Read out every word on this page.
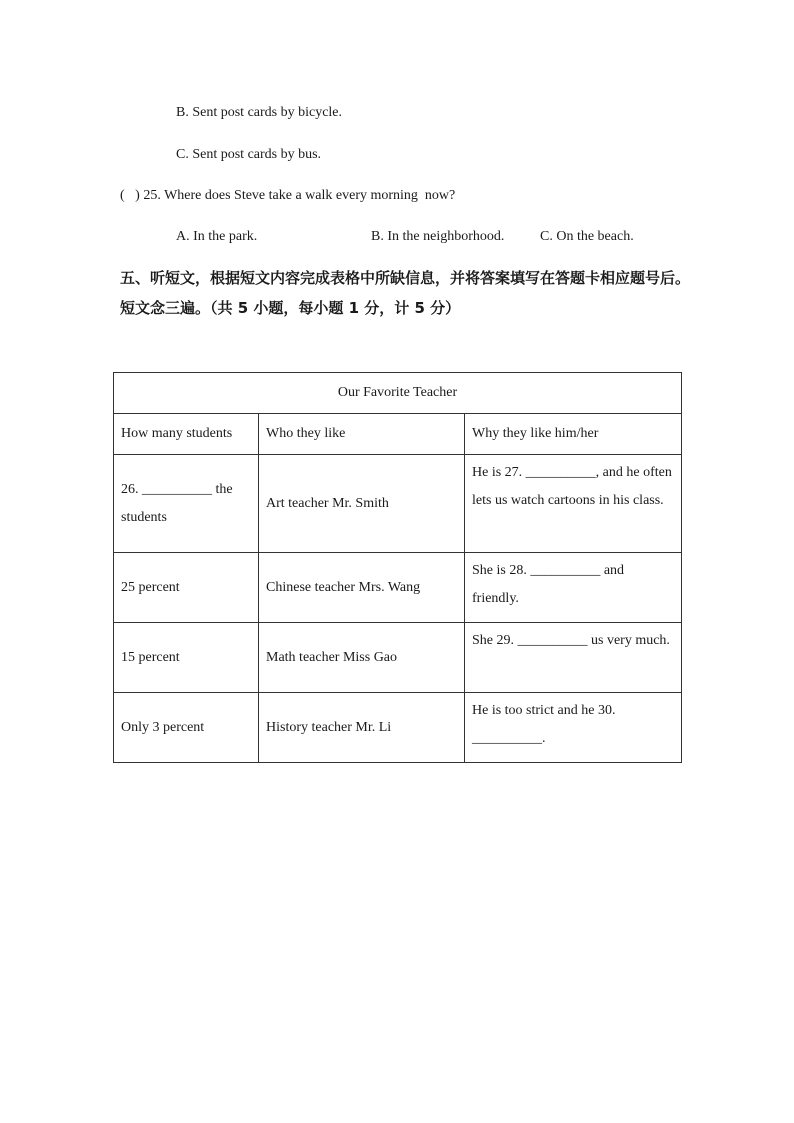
B. Sent post cards by bicycle.
C. Sent post cards by bus.
(   ) 25. Where does Steve take a walk every morning  now?
A. In the park.	B. In the neighborhood.	C. On the beach.
五、听短文，根据短文内容完成表格中所缺信息，并将答案填写在答题卡相应题号后。短文念三遍。（共 5 小题，每小题 1 分，计 5 分）
Our Favorite Teacher		
How many students	Who they like	Why they like him/her
26. __________ the students	Art teacher Mr. Smith	He is 27. __________, and he often lets us watch cartoons in his class.
25 percent	Chinese teacher Mrs. Wang	She is 28. __________ and friendly.
15 percent	Math teacher Miss Gao	She 29. __________ us very much.
Only 3 percent	History teacher Mr. Li	He is too strict and he 30. __________.
